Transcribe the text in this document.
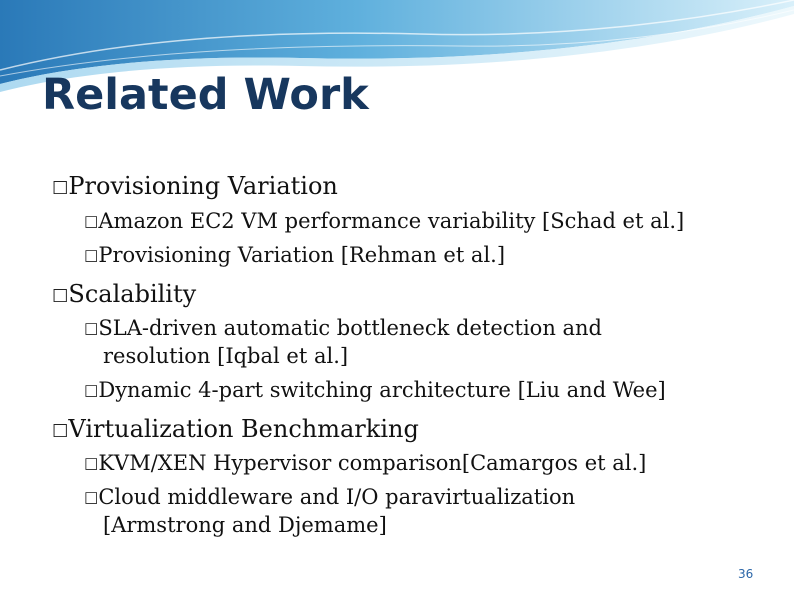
Related Work
□Provisioning Variation
□Amazon EC2 VM performance variability [Schad et al.]
□Provisioning Variation [Rehman et al.]
□Scalability
□SLA-driven automatic bottleneck detection and
resolution [Iqbal et al.]
□Dynamic 4-part switching architecture [Liu and Wee]
□Virtualization Benchmarking
□KVM/XEN Hypervisor comparison[Camargos et al.]
□Cloud middleware and I/O paravirtualization
[Armstrong and Djemame]
36
